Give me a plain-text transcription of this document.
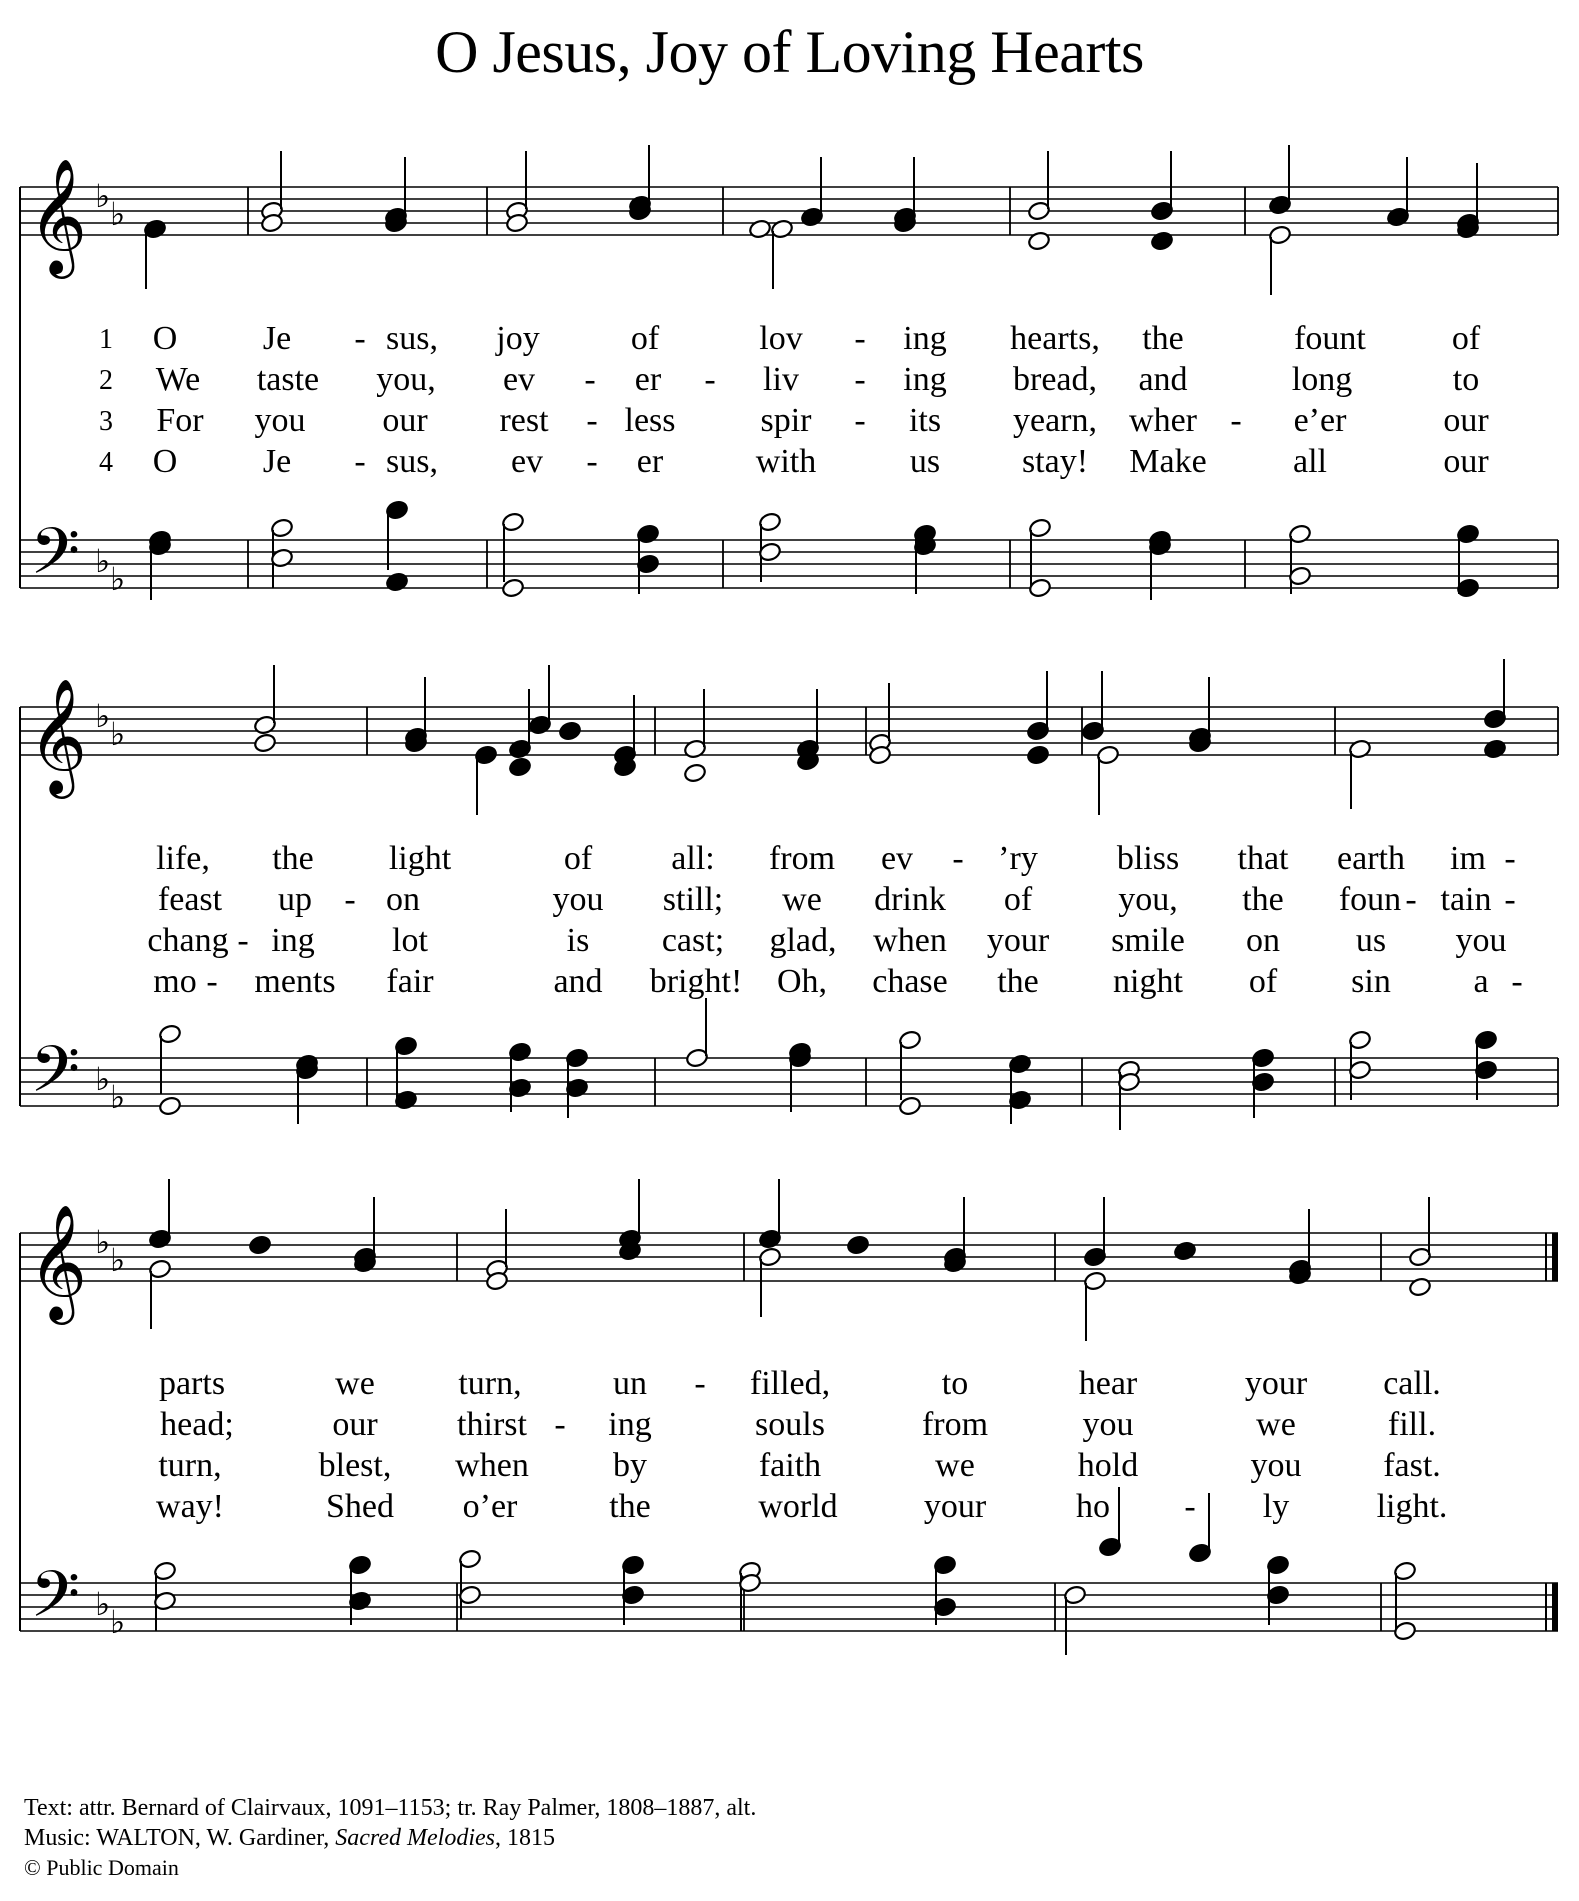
O Jesus, Joy of Loving Hearts
𝄞 ♭ ♭
𝄢 ♭ ♭
𝄞 ♭ ♭
𝄢 ♭ ♭
𝄞 ♭ ♭
𝄢 ♭ ♭
1 O	Je - sus, joy	of	lov - ing hearts, the	fount	of
2 We taste you, ev - er - liv - ing bread, and	long	to
3 For you our rest - less	spir - its yearn, wher - e’er	our
4 O	Je - sus, ev - er	with	us stay! Make	all	our
life, the light	of all: from ev - ’ry bliss that earth im -
feast up - on	you still; we drink of	you, the foun - tain -
chang - ing lot	is cast; glad, when your smile on us you
mo - ments fair	and bright! Oh, chase the night of sin a -
parts	we turn,	un - filled,	to	hear	your call.
head;	our thirst - ing	souls	from	you	we	fill.
turn,	blest, when by	faith	we	hold	you fast.
way!	Shed o’er	the	world	your	ho - ly	light.
Text: attr. Bernard of Clairvaux, 1091–1153; tr. Ray Palmer, 1808–1887, alt.
Music: WALTON, W. Gardiner, Sacred Melodies, 1815
© Public Domain
